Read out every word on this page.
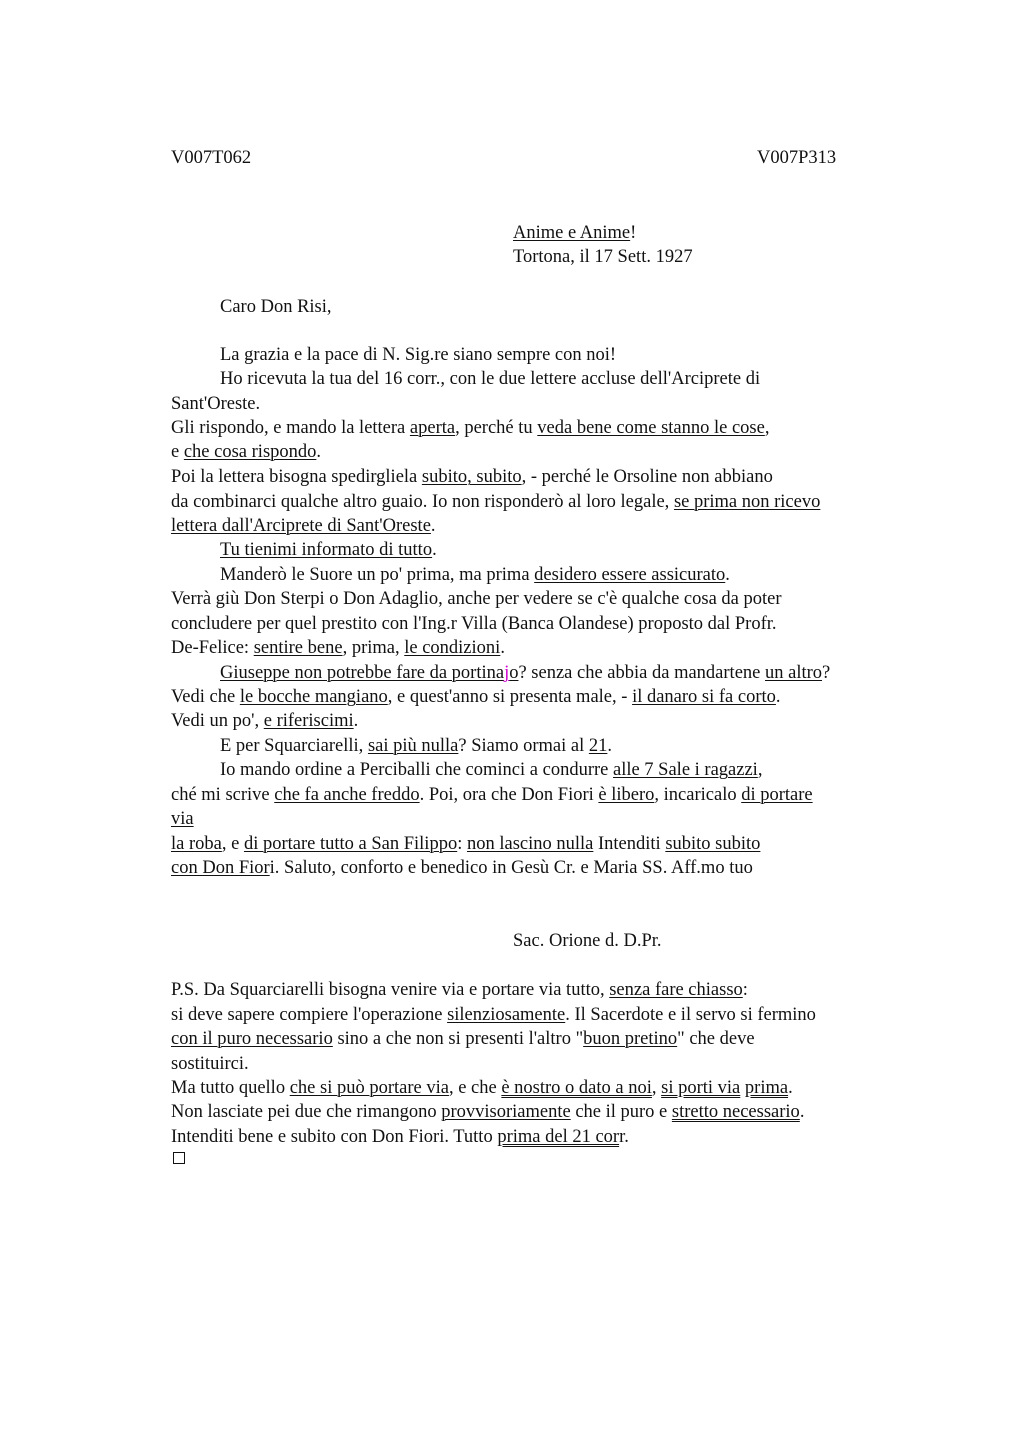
V007T062	V007P313
Anime e Anime!
Tortona, il 17 Sett. 1927
Caro Don Risi,
La grazia e la pace di N. Sig.re siano sempre con noi!
Ho ricevuta la tua del 16 corr., con le due lettere accluse dell'Arciprete di
Sant'Oreste.
Gli rispondo, e mando la lettera aperta, perché tu veda bene come stanno le cose,
e che cosa rispondo.
Poi la lettera bisogna spedirgliela subito, subito, - perché le Orsoline non abbiano
da combinarci qualche altro guaio. Io non risponderò al loro legale, se prima non ricevo
lettera dall'Arciprete di Sant'Oreste.
Tu tienimi informato di tutto.
Manderò le Suore un po' prima, ma prima desidero essere assicurato.
Verrà giù Don Sterpi o Don Adaglio, anche per vedere se c'è qualche cosa da poter
concludere per quel prestito con l'Ing.r Villa (Banca Olandese) proposto dal Profr.
De-Felice: sentire bene, prima, le condizioni.
Giuseppe non potrebbe fare da portinajo? senza che abbia da mandartene un altro?
Vedi che le bocche mangiano, e quest'anno si presenta male, - il danaro si fa corto.
Vedi un po', e riferiscimi.
E per Squarciarelli, sai più nulla? Siamo ormai al 21.
Io mando ordine a Perciballi che cominci a condurre alle 7 Sale i ragazzi,
ché mi scrive che fa anche freddo. Poi, ora che Don Fiori è libero, incaricalo di portare
via
la roba, e di portare tutto a San Filippo: non lascino nulla Intenditi subito subito
con Don Fiori. Saluto, conforto e benedico in Gesù Cr. e Maria SS. Aff.mo tuo
Sac. Orione d. D.Pr.
P.S. Da Squarciarelli bisogna venire via e portare via tutto, senza fare chiasso:
si deve sapere compiere l'operazione silenziosamente. Il Sacerdote e il servo si fermino
con il puro necessario sino a che non si presenti l'altro "buon pretino" che deve
sostituirci.
Ma tutto quello che si può portare via, e che è nostro o dato a noi, si porti via prima.
Non lasciate pei due che rimangono provvisoriamente che il puro e stretto necessario.
Intenditi bene e subito con Don Fiori. Tutto prima del 21 corr.
